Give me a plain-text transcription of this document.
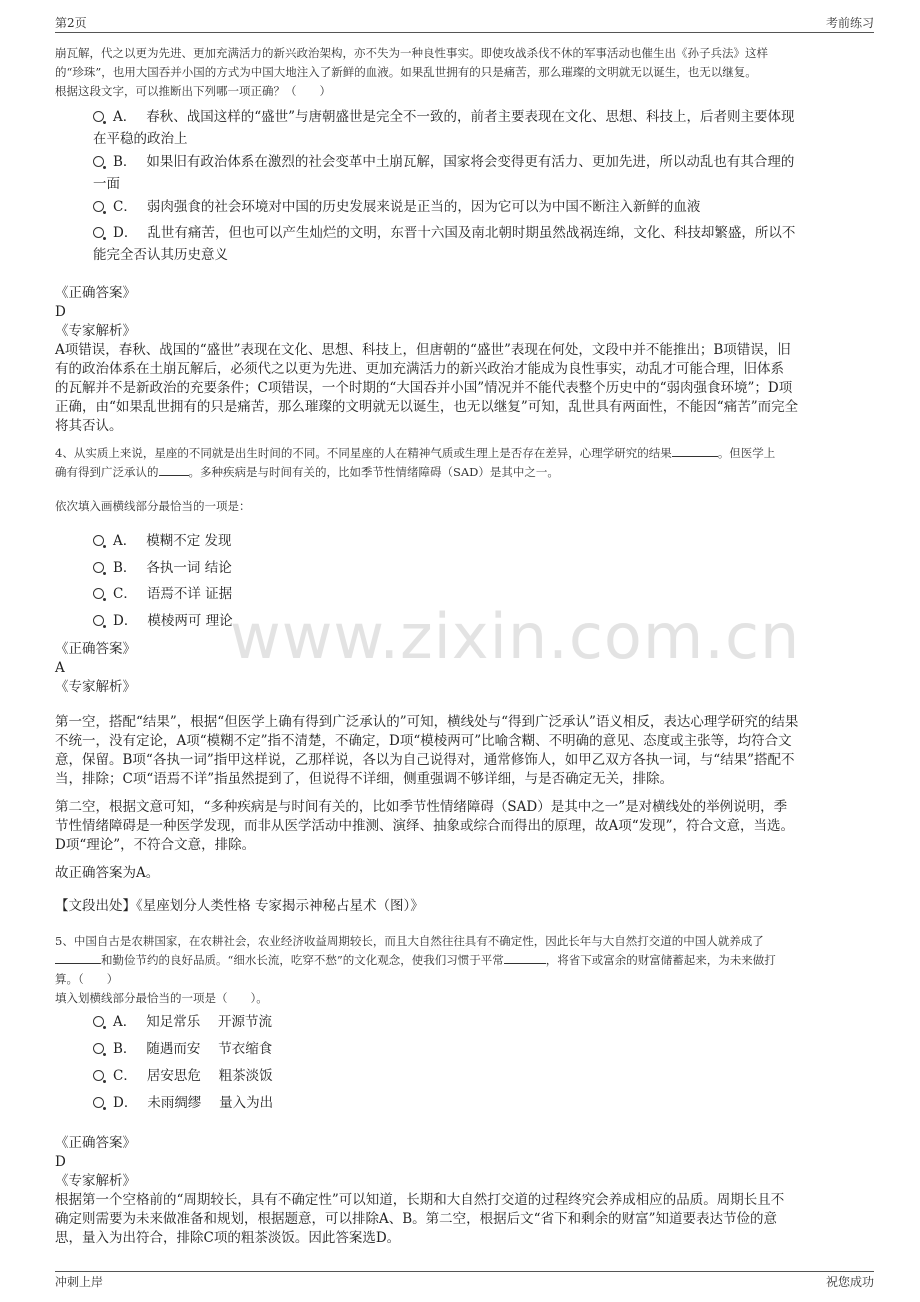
第2页	考前练习
www.zixin.com.cn
崩瓦解，代之以更为先进、更加充满活力的新兴政治架构，亦不失为一种良性事实。即使攻战杀伐不休的军事活动也催生出《孙子兵法》这样
的“珍珠”，也用大国吞并小国的方式为中国大地注入了新鲜的血液。如果乱世拥有的只是痛苦，那么璀璨的文明就无以诞生，也无以继复。
根据这段文字，可以推断出下列哪一项正确？（　　）
A． 春秋、战国这样的“盛世”与唐朝盛世是完全不一致的，前者主要表现在文化、思想、科技上，后者则主要体现
在平稳的政治上
B． 如果旧有政治体系在激烈的社会变革中土崩瓦解，国家将会变得更有活力、更加先进，所以动乱也有其合理的
一面
C． 弱肉强食的社会环境对中国的历史发展来说是正当的，因为它可以为中国不断注入新鲜的血液
D． 乱世有痛苦，但也可以产生灿烂的文明，东晋十六国及南北朝时期虽然战祸连绵，文化、科技却繁盛，所以不
能完全否认其历史意义
《正确答案》
D
《专家解析》
A项错误，春秋、战国的“盛世”表现在文化、思想、科技上，但唐朝的“盛世”表现在何处，文段中并不能推出；B项错误，旧
有的政治体系在土崩瓦解后，必须代之以更为先进、更加充满活力的新兴政治才能成为良性事实，动乱才可能合理，旧体系
的瓦解并不是新政治的充要条件；C项错误，一个时期的“大国吞并小国”情况并不能代表整个历史中的“弱肉强食环境”；D项
正确，由“如果乱世拥有的只是痛苦，那么璀璨的文明就无以诞生，也无以继复”可知，乱世具有两面性，不能因“痛苦”而完全
将其否认。
4、从实质上来说，星座的不同就是出生时间的不同。不同星座的人在精神气质或生理上是否存在差异，心理学研究的结果	。但医学上
确有得到广泛承认的	。多种疾病是与时间有关的，比如季节性情绪障碍（SAD）是其中之一。
依次填入画横线部分最恰当的一项是：
A． 模糊不定 发现
B． 各执一词 结论
C． 语焉不详 证据
D． 模棱两可 理论
《正确答案》
A
《专家解析》
第一空，搭配“结果”，根据“但医学上确有得到广泛承认的”可知，横线处与“得到广泛承认”语义相反，表达心理学研究的结果
不统一，没有定论，A项“模糊不定”指不清楚，不确定，D项“模棱两可”比喻含糊、不明确的意见、态度或主张等，均符合文
意，保留。B项“各执一词”指甲这样说，乙那样说，各以为自己说得对，通常修饰人，如甲乙双方各执一词，与“结果”搭配不
当，排除；C项“语焉不详”指虽然提到了，但说得不详细，侧重强调不够详细，与是否确定无关，排除。
第二空，根据文意可知，“多种疾病是与时间有关的，比如季节性情绪障碍（SAD）是其中之一”是对横线处的举例说明，季
节性情绪障碍是一种医学发现，而非从医学活动中推测、演绎、抽象或综合而得出的原理，故A项“发现”，符合文意，当选。
D项“理论”，不符合文意，排除。
故正确答案为A。
【文段出处】《星座划分人类性格 专家揭示神秘占星术（图）》
5、中国自古是农耕国家，在农耕社会，农业经济收益周期较长，而且大自然往往具有不确定性，因此长年与大自然打交道的中国人就养成了
和勤俭节约的良好品质。“细水长流，吃穿不愁”的文化观念，使我们习惯于平常	，将省下或富余的财富储蓄起来，为未来做打
算。（　　）
填入划横线部分最恰当的一项是（　　）。
A． 知足常乐　 开源节流
B． 随遇而安　 节衣缩食
C． 居安思危　 粗茶淡饭
D． 未雨绸缪　 量入为出
《正确答案》
D
《专家解析》
根据第一个空格前的“周期较长，具有不确定性”可以知道，长期和大自然打交道的过程终究会养成相应的品质。周期长且不
确定则需要为未来做准备和规划，根据题意，可以排除A、B。第二空，根据后文“省下和剩余的财富”知道要表达节俭的意
思，量入为出符合，排除C项的粗茶淡饭。因此答案选D。
冲刺上岸	祝您成功
